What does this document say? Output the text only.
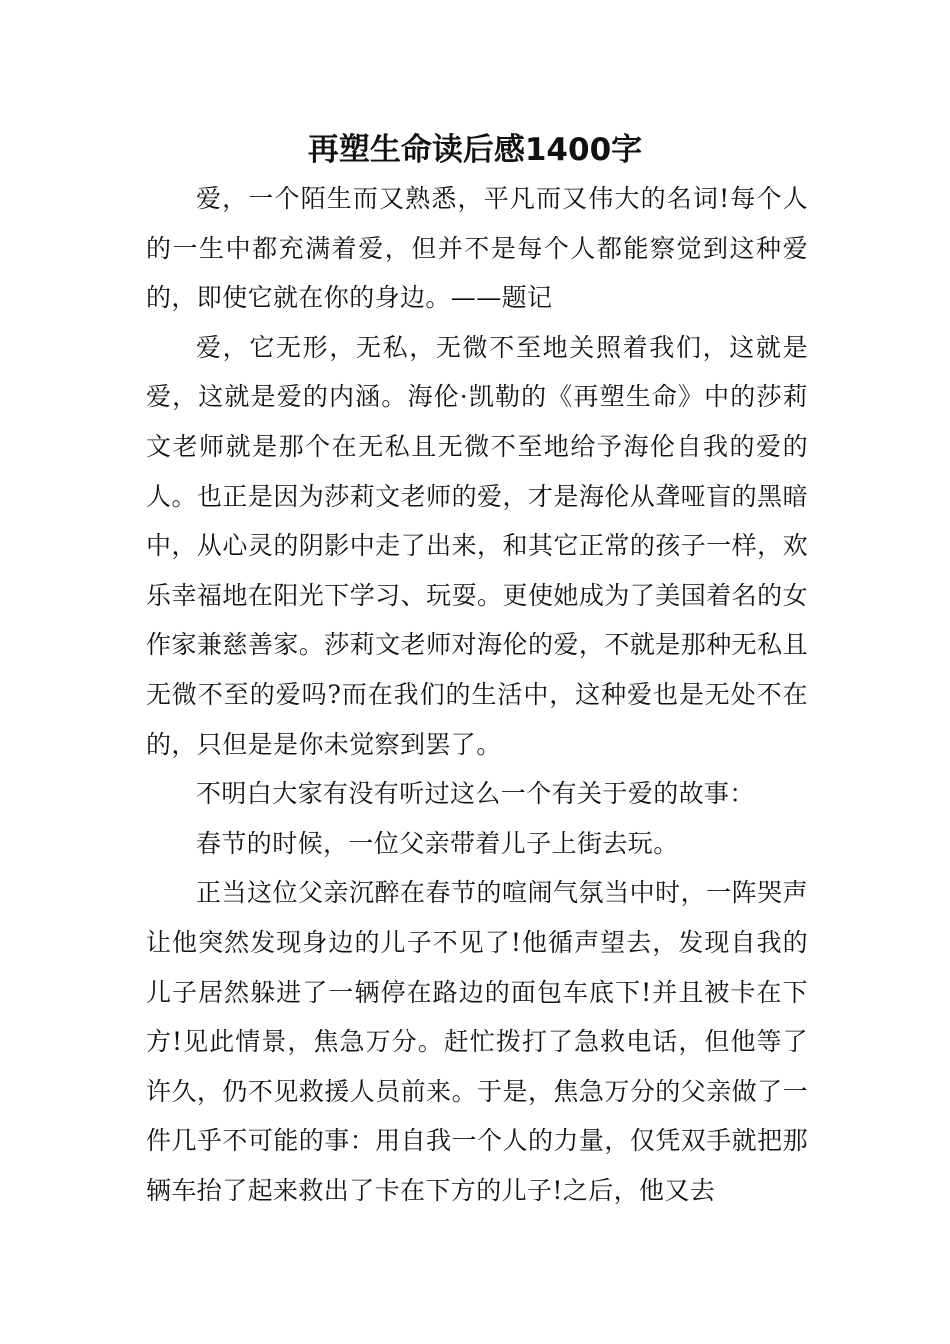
再塑生命读后感1400字

爱，一个陌生而又熟悉，平凡而又伟大的名词!每个人的一生中都充满着爱，但并不是每个人都能察觉到这种爱的，即使它就在你的身边。——题记

爱，它无形，无私，无微不至地关照着我们，这就是爱，这就是爱的内涵。海伦·凯勒的《再塑生命》中的莎莉文老师就是那个在无私且无微不至地给予海伦自我的爱的人。也正是因为莎莉文老师的爱，才是海伦从聋哑盲的黑暗中，从心灵的阴影中走了出来，和其它正常的孩子一样，欢乐幸福地在阳光下学习、玩耍。更使她成为了美国着名的女作家兼慈善家。莎莉文老师对海伦的爱，不就是那种无私且无微不至的爱吗?而在我们的生活中，这种爱也是无处不在的，只但是是你未觉察到罢了。

不明白大家有没有听过这么一个有关于爱的故事：

春节的时候，一位父亲带着儿子上街去玩。

正当这位父亲沉醉在春节的喧闹气氛当中时，一阵哭声让他突然发现身边的儿子不见了!他循声望去，发现自我的儿子居然躲进了一辆停在路边的面包车底下!并且被卡在下方!见此情景，焦急万分。赶忙拨打了急救电话，但他等了许久，仍不见救援人员前来。于是，焦急万分的父亲做了一件几乎不可能的事：用自我一个人的力量，仅凭双手就把那辆车抬了起来救出了卡在下方的儿子!之后，他又去
